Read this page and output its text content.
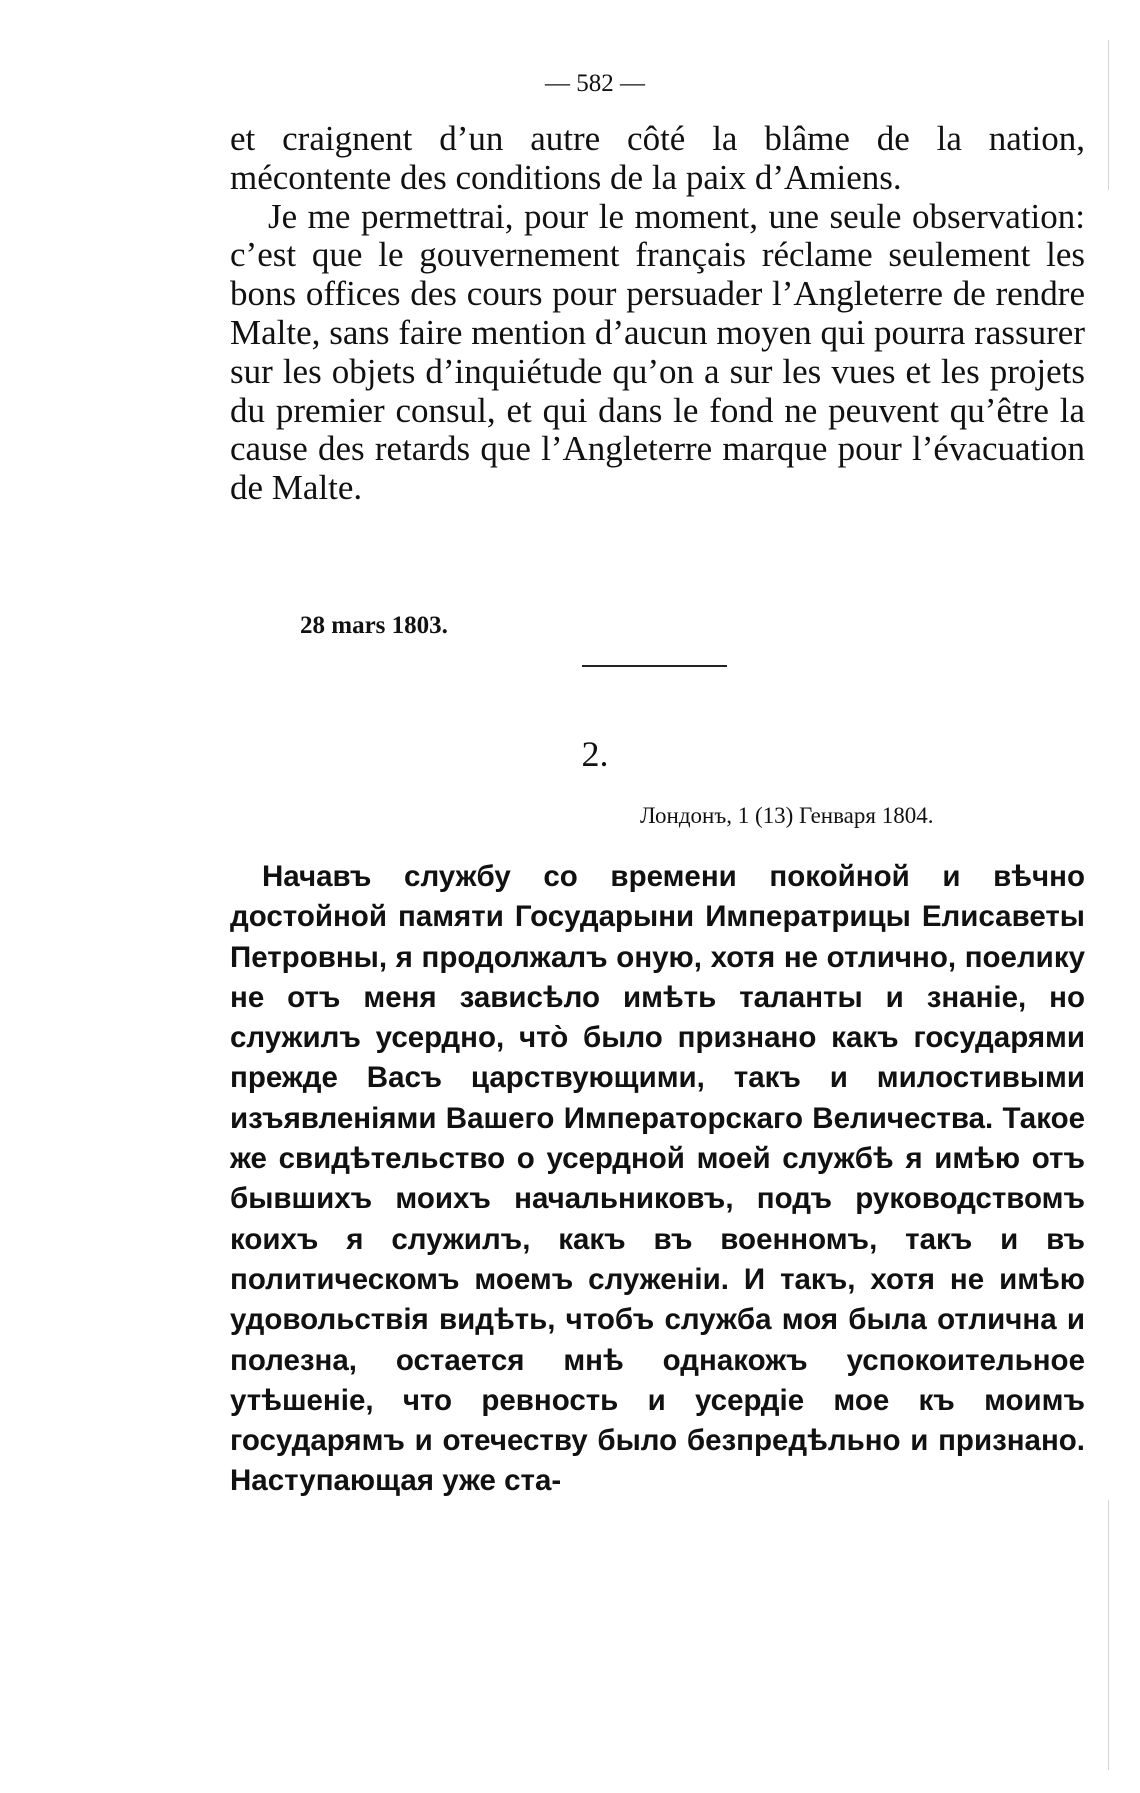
— 582 —

et craignent d’un autre côté la blâme de la nation, mécontente des conditions de la paix d’Amiens.

Je me permettrai, pour le moment, une seule observation: c’est que le gouvernement français réclame seulement les bons offices des cours pour persuader l’Angleterre de rendre Malte, sans faire mention d’aucun moyen qui pourra rassurer sur les objets d’inquiétude qu’on a sur les vues et les projets du premier consul, et qui dans le fond ne peuvent qu’être la cause des retards que l’Angleterre marque pour l’évacuation de Malte.

28 mars 1803.
2.
Лондонъ, 1 (13) Генваря 1804.

Начавъ службу со времени покойной и вѣчно достойной памяти Государыни Императрицы Елисаветы Петровны, я продолжалъ оную, хотя не отлично, поелику не отъ меня зависѣло имѣть таланты и знаніе, но служилъ усердно, что̀ было признано какъ государями прежде Васъ царствующими, такъ и милостивыми изъявленіями Вашего Императорскаго Величества. Такое же свидѣтельство о усердной моей службѣ я имѣю отъ бывшихъ моихъ начальниковъ, подъ руководствомъ коихъ я служилъ, какъ въ военномъ, такъ и въ политическомъ моемъ служеніи. И такъ, хотя не имѣю удовольствія видѣть, чтобъ служба моя была отлична и полезна, остается мнѣ однакожъ успокоительное утѣшеніе, что ревность и усердіе мое къ моимъ государямъ и отечеству было безпредѣльно и признано. Наступающая уже ста-
